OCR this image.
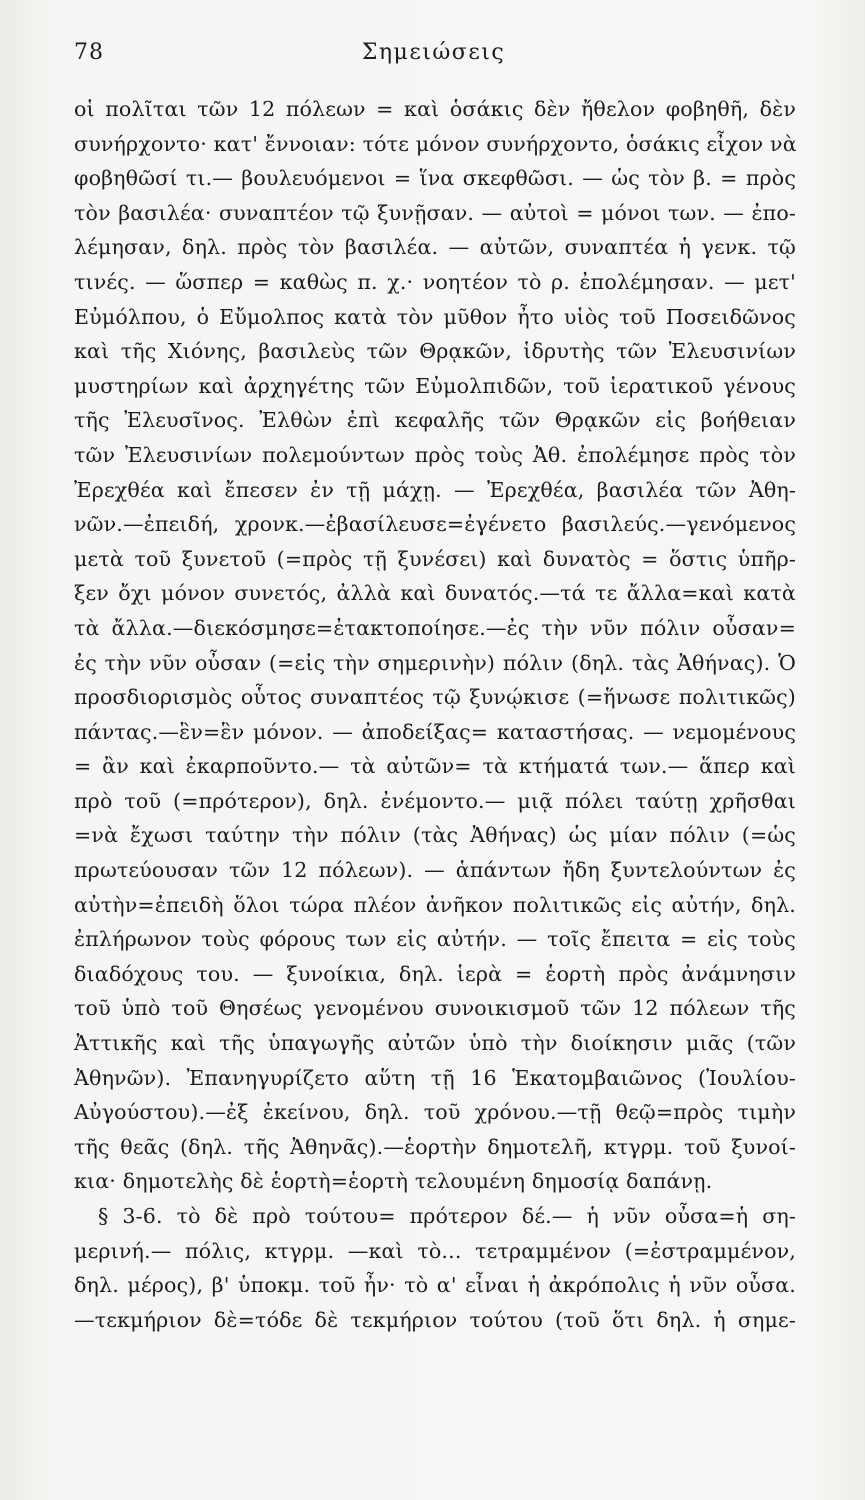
78	Σημειώσεις
οἱ πολῖται τῶν 12 πόλεων = καὶ ὁσάκις δὲν ἤθελον φοβηθῆ, δὲν
συνήρχοντο· κατ' ἔννοιαν: τότε μόνον συνήρχοντο, ὁσάκις εἶχον νὰ
φοβηθῶσί τι.— βουλευόμενοι = ἵνα σκεφθῶσι. — ὡς τὸν β. = πρὸς
τὸν βασιλέα· συναπτέον τῷ ξυνῇσαν. — αὐτοὶ = μόνοι των. — ἐπο-
λέμησαν, δηλ. πρὸς τὸν βασιλέα. — αὐτῶν, συναπτέα ἡ γενκ. τῷ
τινές. — ὥσπερ = καθὼς π. χ.· νοητέον τὸ ρ. ἐπολέμησαν. — μετ'
Εὐμόλπου, ὁ Εὔμολπος κατὰ τὸν μῦθον ἦτο υἱὸς τοῦ Ποσειδῶνος
καὶ τῆς Χιόνης, βασιλεὺς τῶν Θρᾳκῶν, ἱδρυτὴς τῶν Ἐλευσινίων
μυστηρίων καὶ ἀρχηγέτης τῶν Εὐμολπιδῶν, τοῦ ἱερατικοῦ γένους
τῆς Ἐλευσῖνος. Ἐλθὼν ἐπὶ κεφαλῆς τῶν Θρᾳκῶν εἰς βοήθειαν
τῶν Ἐλευσινίων πολεμούντων πρὸς τοὺς Ἀθ. ἐπολέμησε πρὸς τὸν
Ἐρεχθέα καὶ ἔπεσεν ἐν τῇ μάχῃ. — Ἐρεχθέα, βασιλέα τῶν Ἀθη-
νῶν.—ἐπειδή, χρονκ.—ἐβασίλευσε=ἐγένετο βασιλεύς.—γενόμενος
μετὰ τοῦ ξυνετοῦ (=πρὸς τῇ ξυνέσει) καὶ δυνατὸς = ὅστις ὑπῆρ-
ξεν ὄχι μόνον συνετός, ἀλλὰ καὶ δυνατός.—τά τε ἄλλα=καὶ κατὰ
τὰ ἄλλα.—διεκόσμησε=ἐτακτοποίησε.—ἐς τὴν νῦν πόλιν οὖσαν=
ἐς τὴν νῦν οὖσαν (=εἰς τὴν σημερινὴν) πόλιν (δηλ. τὰς Ἀθήνας). Ὁ
προσδιορισμὸς οὗτος συναπτέος τῷ ξυνῴκισε (=ἥνωσε πολιτικῶς)
πάντας.—ἓν=ἓν μόνον. — ἀποδείξας= καταστήσας. — νεμομένους
= ἂν καὶ ἐκαρποῦντο.— τὰ αὐτῶν= τὰ κτήματά των.— ἅπερ καὶ
πρὸ τοῦ (=πρότερον), δηλ. ἐνέμοντο.— μιᾷ πόλει ταύτῃ χρῆσθαι
=νὰ ἔχωσι ταύτην τὴν πόλιν (τὰς Ἀθήνας) ὡς μίαν πόλιν (=ὡς
πρωτεύουσαν τῶν 12 πόλεων). — ἁπάντων ἤδη ξυντελούντων ἐς
αὐτὴν=ἐπειδὴ ὅλοι τώρα πλέον ἀνῆκον πολιτικῶς εἰς αὐτήν, δηλ.
ἐπλήρωνον τοὺς φόρους των εἰς αὐτήν. — τοῖς ἔπειτα = εἰς τοὺς
διαδόχους του. — ξυνοίκια, δηλ. ἱερὰ = ἑορτὴ πρὸς ἀνάμνησιν
τοῦ ὑπὸ τοῦ Θησέως γενομένου συνοικισμοῦ τῶν 12 πόλεων τῆς
Ἀττικῆς καὶ τῆς ὑπαγωγῆς αὐτῶν ὑπὸ τὴν διοίκησιν μιᾶς (τῶν
Ἀθηνῶν). Ἐπανηγυρίζετο αὕτη τῇ 16 Ἑκατομβαιῶνος (Ἰουλίου-
Αὐγούστου).—ἐξ ἐκείνου, δηλ. τοῦ χρόνου.—τῇ θεῷ=πρὸς τιμὴν
τῆς θεᾶς (δηλ. τῆς Ἀθηνᾶς).—ἑορτὴν δημοτελῆ, κτγρμ. τοῦ ξυνοί-
κια· δημοτελὴς δὲ ἑορτὴ=ἑορτὴ τελουμένη δημοσίᾳ δαπάνῃ.
§ 3-6. τὸ δὲ πρὸ τούτου= πρότερον δέ.— ἡ νῦν οὖσα=ἡ ση-
μερινή.— πόλις, κτγρμ. —καὶ τὸ... τετραμμένον (=ἐστραμμένον,
δηλ. μέρος), β' ὑποκμ. τοῦ ἦν· τὸ α' εἶναι ἡ ἀκρόπολις ἡ νῦν οὖσα.
—τεκμήριον δὲ=τόδε δὲ τεκμήριον τούτου (τοῦ ὅτι δηλ. ἡ σημε-
